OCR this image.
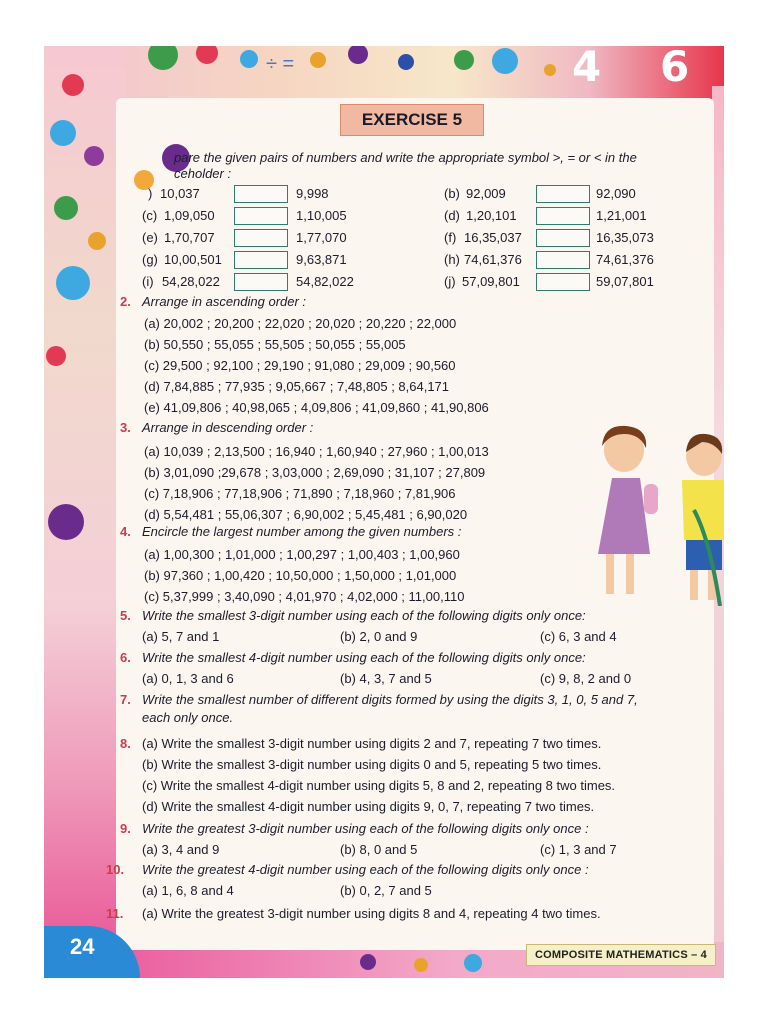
4 6
÷ =
EXERCISE 5
pare the given pairs of numbers and write the appropriate symbol >, = or < in the
ceholder :
) 10,037	9,998
(c) 1,09,050	1,10,005
(e) 1,70,707	1,77,070
(g) 10,00,501	9,63,871
(i) 54,28,022	54,82,022
(b) 92,009	92,090
(d) 1,20,101	1,21,001
(f) 16,35,037	16,35,073
(h) 74,61,376	74,61,376
(j) 57,09,801	59,07,801
2. Arrange in ascending order :
(a) 20,002 ; 20,200 ; 22,020 ; 20,020 ; 20,220 ; 22,000
(b) 50,550 ; 55,055 ; 55,505 ; 50,055 ; 55,005
(c) 29,500 ; 92,100 ; 29,190 ; 91,080 ; 29,009 ; 90,560
(d) 7,84,885 ; 77,935 ; 9,05,667 ; 7,48,805 ; 8,64,171
(e) 41,09,806 ; 40,98,065 ; 4,09,806 ; 41,09,860 ; 41,90,806
3. Arrange in descending order :
(a) 10,039 ; 2,13,500 ; 16,940 ; 1,60,940 ; 27,960 ; 1,00,013
(b) 3,01,090 ;29,678 ; 3,03,000 ; 2,69,090 ; 31,107 ; 27,809
(c) 7,18,906 ; 77,18,906 ; 71,890 ; 7,18,960 ; 7,81,906
(d) 5,54,481 ; 55,06,307 ; 6,90,002 ; 5,45,481 ; 6,90,020
4. Encircle the largest number among the given numbers :
(a) 1,00,300 ; 1,01,000 ; 1,00,297 ; 1,00,403 ; 1,00,960
(b) 97,360 ; 1,00,420 ; 10,50,000 ; 1,50,000 ; 1,01,000
(c) 5,37,999 ; 3,40,090 ; 4,01,970 ; 4,02,000 ; 11,00,110
5. Write the smallest 3-digit number using each of the following digits only once:
(a) 5, 7 and 1	(b) 2, 0 and 9	(c) 6, 3 and 4
6. Write the smallest 4-digit number using each of the following digits only once:
(a) 0, 1, 3 and 6	(b) 4, 3, 7 and 5	(c) 9, 8, 2 and 0
7. Write the smallest number of different digits formed by using the digits 3, 1, 0, 5 and 7,
each only once.
8. (a) Write the smallest 3-digit number using digits 2 and 7, repeating 7 two times.
(b) Write the smallest 3-digit number using digits 0 and 5, repeating 5 two times.
(c) Write the smallest 4-digit number using digits 5, 8 and 2, repeating 8 two times.
(d) Write the smallest 4-digit number using digits 9, 0, 7, repeating 7 two times.
9. Write the greatest 3-digit number using each of the following digits only once :
(a) 3, 4 and 9	(b) 8, 0 and 5	(c) 1, 3 and 7
10. Write the greatest 4-digit number using each of the following digits only once :
(a) 1, 6, 8 and 4	(b) 0, 2, 7 and 5
11. (a) Write the greatest 3-digit number using digits 8 and 4, repeating 4 two times.
24	COMPOSITE MATHEMATICS – 4
